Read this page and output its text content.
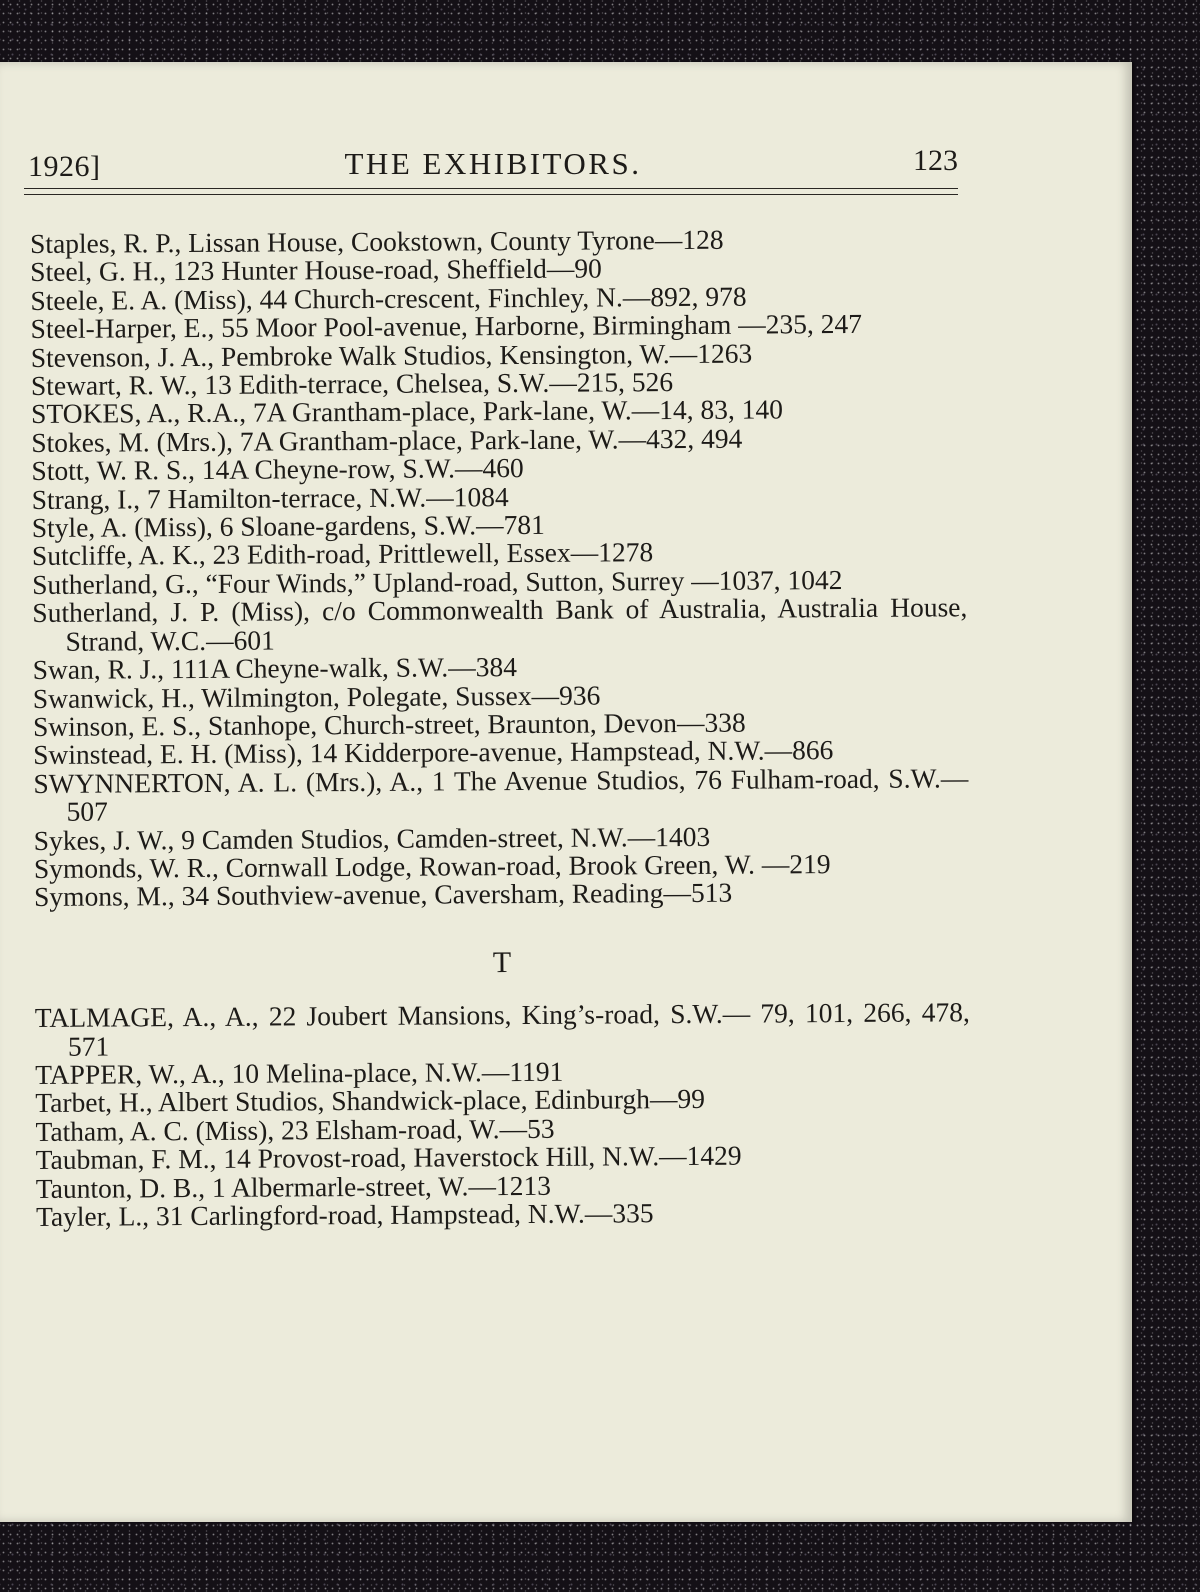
1926]	THE EXHIBITORS.	123
Staples, R. P., Lissan House, Cookstown, County Tyrone—128
Steel, G. H., 123 Hunter House-road, Sheffield—90
Steele, E. A. (Miss), 44 Church-crescent, Finchley, N.—892, 978
Steel-Harper, E., 55 Moor Pool-avenue, Harborne, Birmingham —235, 247
Stevenson, J. A., Pembroke Walk Studios, Kensington, W.—1263
Stewart, R. W., 13 Edith-terrace, Chelsea, S.W.—215, 526
STOKES, A., R.A., 7A Grantham-place, Park-lane, W.—14, 83, 140
Stokes, M. (Mrs.), 7A Grantham-place, Park-lane, W.—432, 494
Stott, W. R. S., 14A Cheyne-row, S.W.—460
Strang, I., 7 Hamilton-terrace, N.W.—1084
Style, A. (Miss), 6 Sloane-gardens, S.W.—781
Sutcliffe, A. K., 23 Edith-road, Prittlewell, Essex—1278
Sutherland, G., “Four Winds,” Upland-road, Sutton, Surrey —1037, 1042
Sutherland, J. P. (Miss), c/o Commonwealth Bank of Australia, Australia House, Strand, W.C.—601
Swan, R. J., 111A Cheyne-walk, S.W.—384
Swanwick, H., Wilmington, Polegate, Sussex—936
Swinson, E. S., Stanhope, Church-street, Braunton, Devon—338
Swinstead, E. H. (Miss), 14 Kidderpore-avenue, Hampstead, N.W.—866
SWYNNERTON, A. L. (Mrs.), A., 1 The Avenue Studios, 76 Fulham-road, S.W.—507
Sykes, J. W., 9 Camden Studios, Camden-street, N.W.—1403
Symonds, W. R., Cornwall Lodge, Rowan-road, Brook Green, W. —219
Symons, M., 34 Southview-avenue, Caversham, Reading—513
T
TALMAGE, A., A., 22 Joubert Mansions, King’s-road, S.W.— 79, 101, 266, 478, 571
TAPPER, W., A., 10 Melina-place, N.W.—1191
Tarbet, H., Albert Studios, Shandwick-place, Edinburgh—99
Tatham, A. C. (Miss), 23 Elsham-road, W.—53
Taubman, F. M., 14 Provost-road, Haverstock Hill, N.W.—1429
Taunton, D. B., 1 Albermarle-street, W.—1213
Tayler, L., 31 Carlingford-road, Hampstead, N.W.—335
